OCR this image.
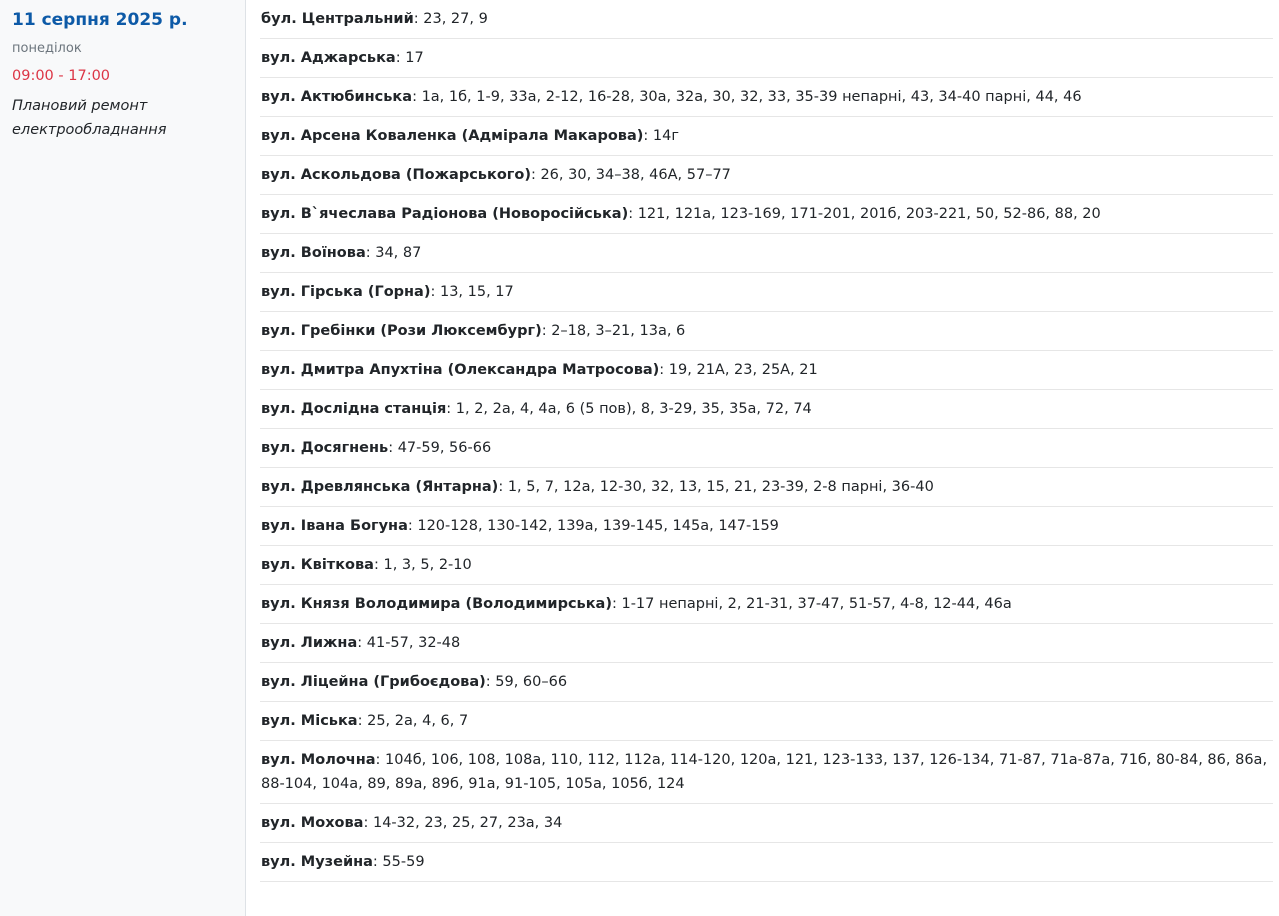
11 серпня 2025 р.
понеділок
09:00 - 17:00
Плановий ремонт електрообладнання
бул. Центральний: 23, 27, 9
вул. Аджарська: 17
вул. Актюбинська: 1а, 1б, 1-9, 33а, 2-12, 16-28, 30а, 32а, 30, 32, 33, 35-39 непарні, 43, 34-40 парні, 44, 46
вул. Арсена Коваленка (Адмірала Макарова): 14г
вул. Аскольдова (Пожарського): 26, 30, 34–38, 46А, 57–77
вул. В`ячеслава Радіонова (Новоросійська): 121, 121а, 123-169, 171-201, 201б, 203-221, 50, 52-86, 88, 20
вул. Воїнова: 34, 87
вул. Гірська (Горна): 13, 15, 17
вул. Гребінки (Рози Люксембург): 2–18, 3–21, 13а, 6
вул. Дмитра Апухтіна (Олександра Матросова): 19, 21А, 23, 25А, 21
вул. Дослідна станція: 1, 2, 2а, 4, 4а, 6 (5 пов), 8, 3-29, 35, 35а, 72, 74
вул. Досягнень: 47-59, 56-66
вул. Древлянська (Янтарна): 1, 5, 7, 12а, 12-30, 32, 13, 15, 21, 23-39, 2-8 парні, 36-40
вул. Івана Богуна: 120-128, 130-142, 139а, 139-145, 145а, 147-159
вул. Квіткова: 1, 3, 5, 2-10
вул. Князя Володимира (Володимирська): 1-17 непарні, 2, 21-31, 37-47, 51-57, 4-8, 12-44, 46а
вул. Лижна: 41-57, 32-48
вул. Ліцейна (Грибоєдова): 59, 60–66
вул. Міська: 25, 2а, 4, 6, 7
вул. Молочна: 104б, 106, 108, 108а, 110, 112, 112а, 114-120, 120а, 121, 123-133, 137, 126-134, 71-87, 71а-87а, 71б, 80-84, 86, 86а, 88-104, 104а, 89, 89а, 89б, 91а, 91-105, 105а, 105б, 124
вул. Мохова: 14-32, 23, 25, 27, 23а, 34
вул. Музейна: 55-59
